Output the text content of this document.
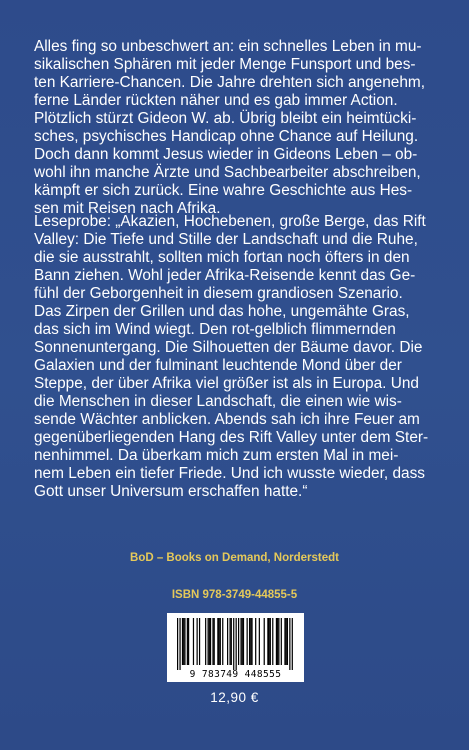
Alles fing so unbeschwert an: ein schnelles Leben in mu-

sikalischen Sphären mit jeder Menge Funsport und bes-

ten Karriere-Chancen. Die Jahre drehten sich angenehm,

ferne Länder rückten näher und es gab immer Action.

Plötzlich stürzt Gideon W. ab. Übrig bleibt ein heimtücki-

sches, psychisches Handicap ohne Chance auf Heilung.

Doch dann kommt Jesus wieder in Gideons Leben – ob-

wohl ihn manche Ärzte und Sachbearbeiter abschreiben,

kämpft er sich zurück. Eine wahre Geschichte aus Hes-

sen mit Reisen nach Afrika.

Leseprobe: „Akazien, Hochebenen, große Berge, das Rift

Valley: Die Tiefe und Stille der Landschaft und die Ruhe,

die sie ausstrahlt, sollten mich fortan noch öfters in den

Bann ziehen. Wohl jeder Afrika-Reisende kennt das Ge-

fühl der Geborgenheit in diesem grandiosen Szenario.

Das Zirpen der Grillen und das hohe, ungemähte Gras,

das sich im Wind wiegt. Den rot-gelblich flimmernden

Sonnenuntergang. Die Silhouetten der Bäume davor. Die

Galaxien und der fulminant leuchtende Mond über der

Steppe, der über Afrika viel größer ist als in Europa. Und

die Menschen in dieser Landschaft, die einen wie wis-

sende Wächter anblicken. Abends sah ich ihre Feuer am

gegenüberliegenden Hang des Rift Valley unter dem Ster-

nenhimmel. Da überkam mich zum ersten Mal in mei-

nem Leben ein tiefer Friede. Und ich wusste wieder, dass

Gott unser Universum erschaffen hatte.“

BoD – Books on Demand, Norderstedt
ISBN 978-3749-44855-5
9 783749 448555
12,90 €
